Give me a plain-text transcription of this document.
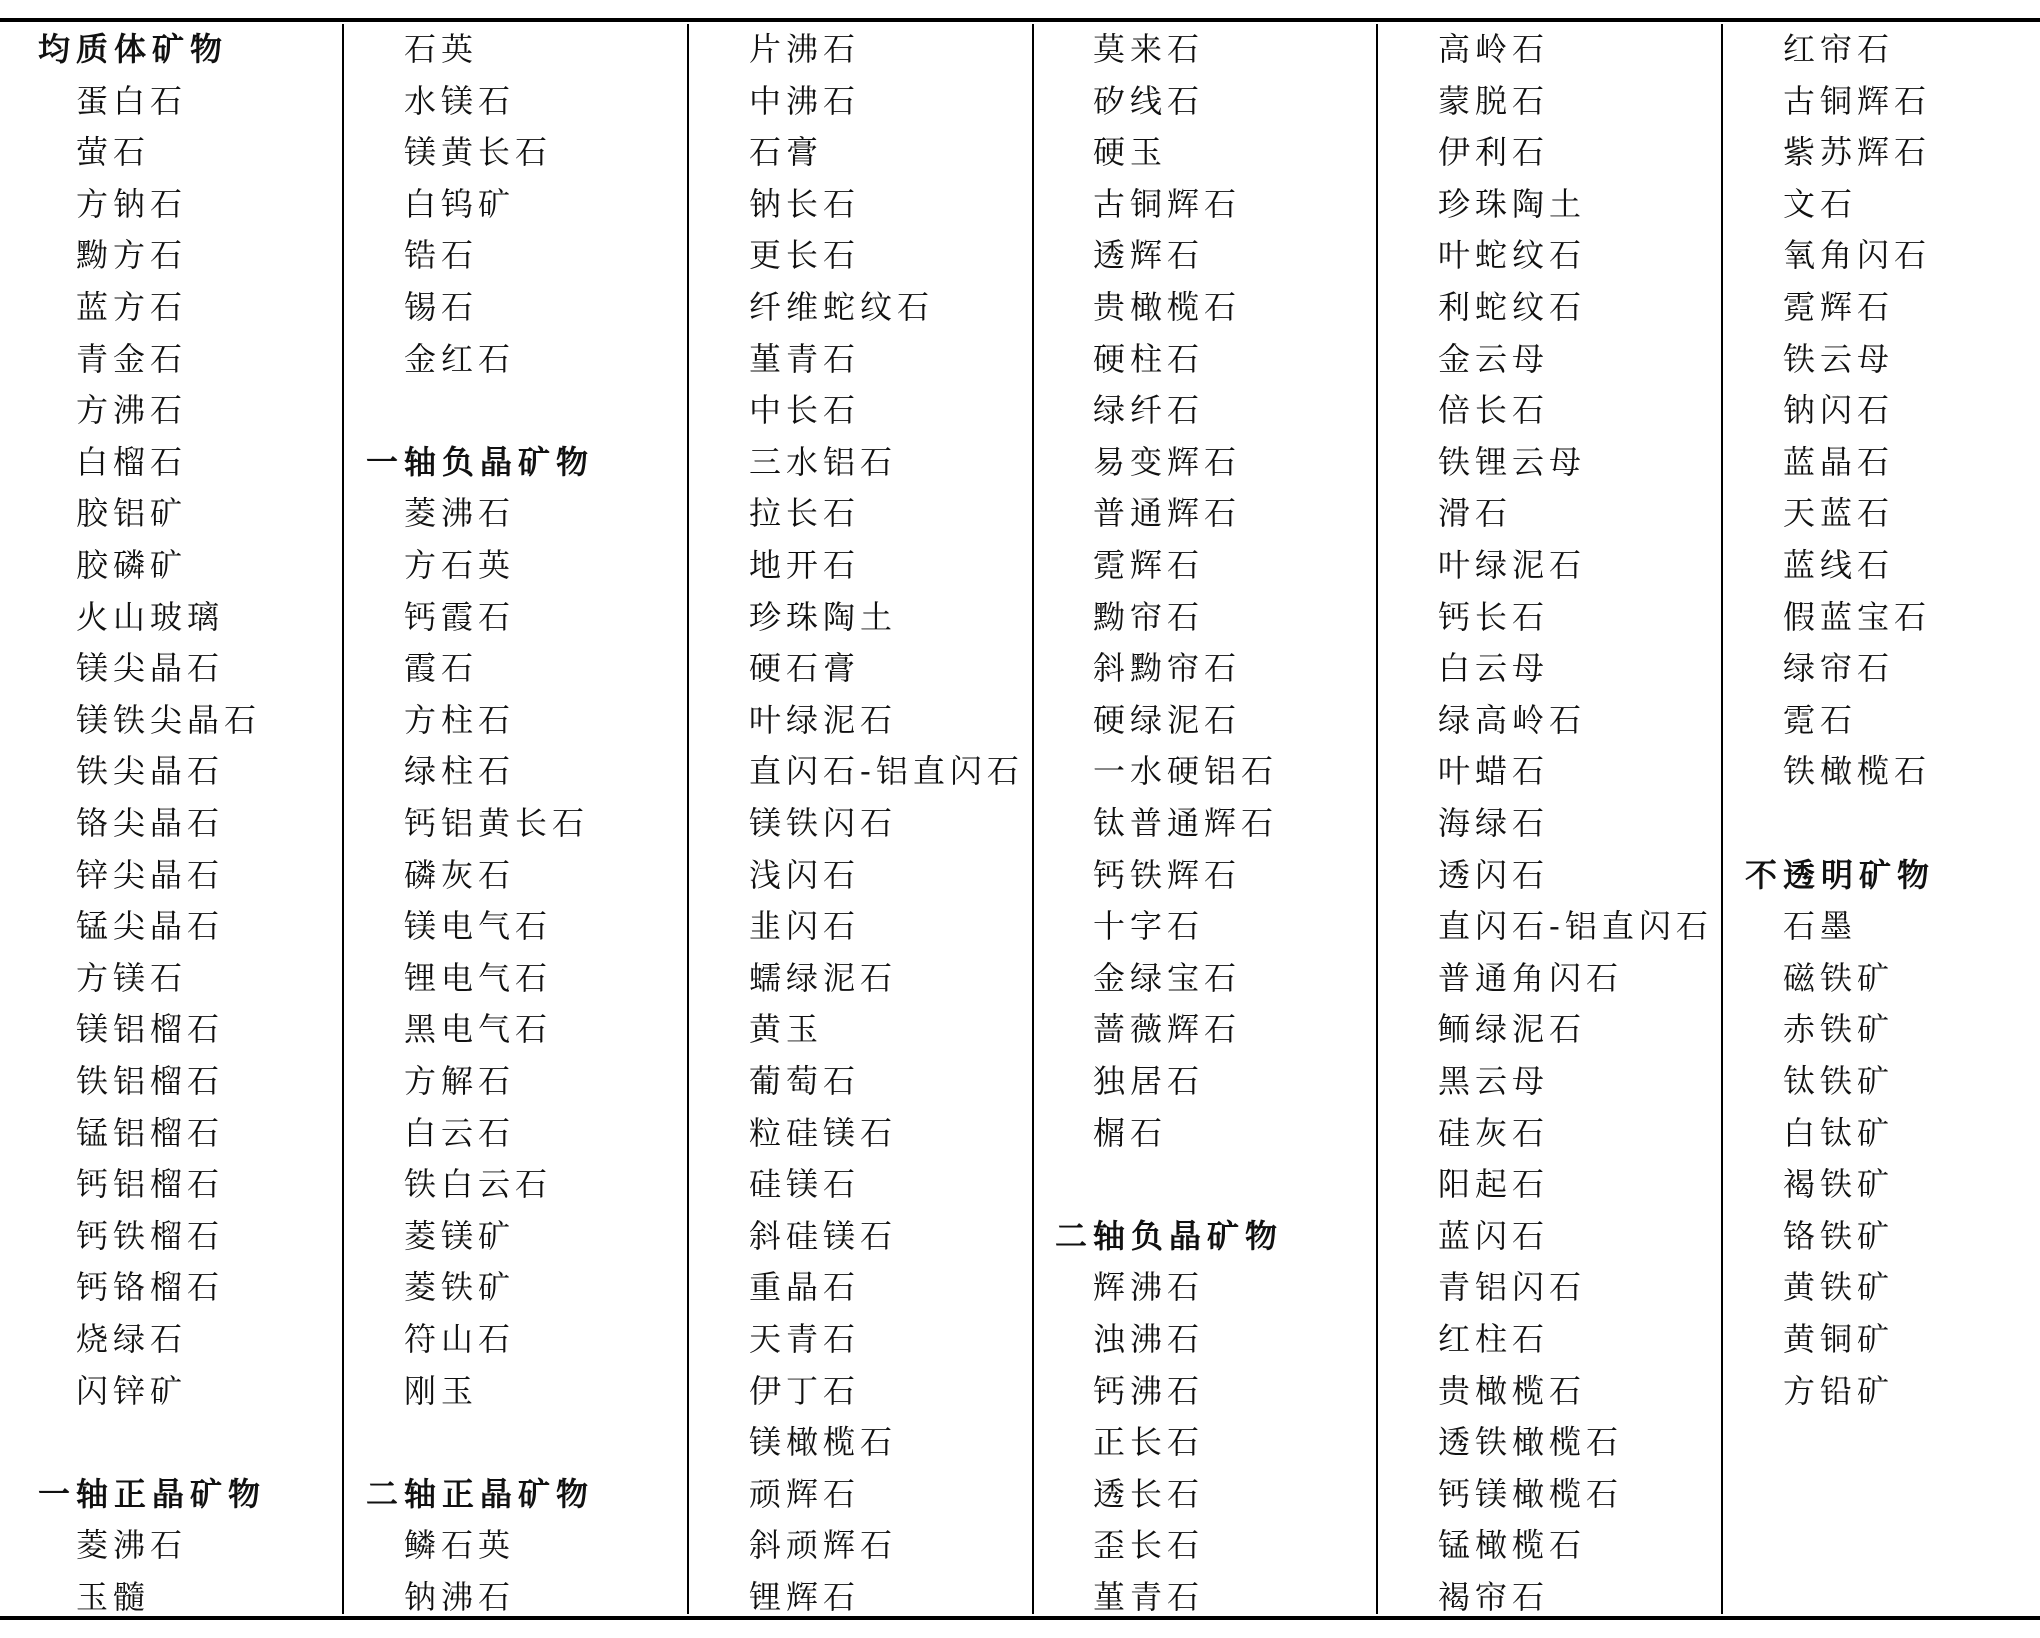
均质体矿物
蛋白石
萤石
方钠石
黝方石
蓝方石
青金石
方沸石
白榴石
胶铝矿
胶磷矿
火山玻璃
镁尖晶石
镁铁尖晶石
铁尖晶石
铬尖晶石
锌尖晶石
锰尖晶石
方镁石
镁铝榴石
铁铝榴石
锰铝榴石
钙铝榴石
钙铁榴石
钙铬榴石
烧绿石
闪锌矿
一轴正晶矿物
菱沸石
玉髓
石英
水镁石
镁黄长石
白钨矿
锆石
锡石
金红石
一轴负晶矿物
菱沸石
方石英
钙霞石
霞石
方柱石
绿柱石
钙铝黄长石
磷灰石
镁电气石
锂电气石
黑电气石
方解石
白云石
铁白云石
菱镁矿
菱铁矿
符山石
刚玉
二轴正晶矿物
鳞石英
钠沸石
片沸石
中沸石
石膏
钠长石
更长石
纤维蛇纹石
堇青石
中长石
三水铝石
拉长石
地开石
珍珠陶土
硬石膏
叶绿泥石
直闪石-铝直闪石
镁铁闪石
浅闪石
韭闪石
蠕绿泥石
黄玉
葡萄石
粒硅镁石
硅镁石
斜硅镁石
重晶石
天青石
伊丁石
镁橄榄石
顽辉石
斜顽辉石
锂辉石
莫来石
矽线石
硬玉
古铜辉石
透辉石
贵橄榄石
硬柱石
绿纤石
易变辉石
普通辉石
霓辉石
黝帘石
斜黝帘石
硬绿泥石
一水硬铝石
钛普通辉石
钙铁辉石
十字石
金绿宝石
蔷薇辉石
独居石
榍石
二轴负晶矿物
辉沸石
浊沸石
钙沸石
正长石
透长石
歪长石
堇青石
高岭石
蒙脱石
伊利石
珍珠陶土
叶蛇纹石
利蛇纹石
金云母
倍长石
铁锂云母
滑石
叶绿泥石
钙长石
白云母
绿高岭石
叶蜡石
海绿石
透闪石
直闪石-铝直闪石
普通角闪石
鲕绿泥石
黑云母
硅灰石
阳起石
蓝闪石
青铝闪石
红柱石
贵橄榄石
透铁橄榄石
钙镁橄榄石
锰橄榄石
褐帘石
红帘石
古铜辉石
紫苏辉石
文石
氧角闪石
霓辉石
铁云母
钠闪石
蓝晶石
天蓝石
蓝线石
假蓝宝石
绿帘石
霓石
铁橄榄石
不透明矿物
石墨
磁铁矿
赤铁矿
钛铁矿
白钛矿
褐铁矿
铬铁矿
黄铁矿
黄铜矿
方铅矿
